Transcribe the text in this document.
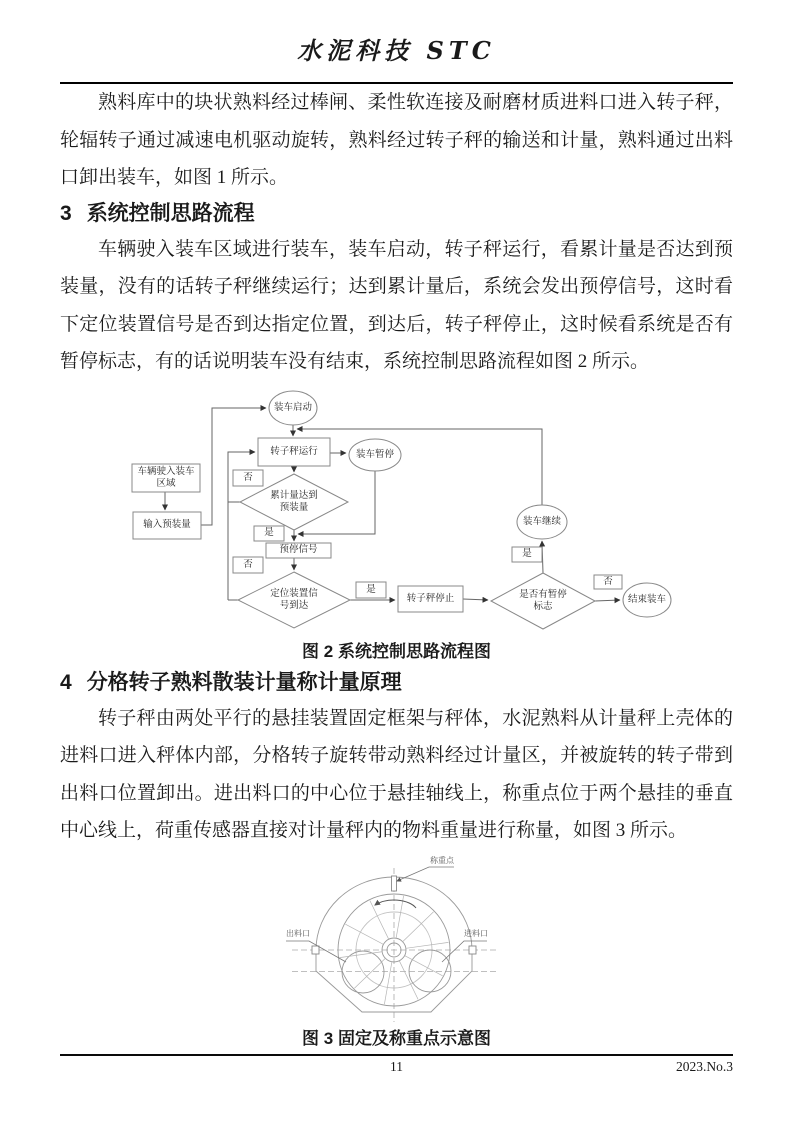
水泥科技 STC

熟料库中的块状熟料经过棒闸、柔性软连接及耐磨材质进料口进入转子秤，轮辐转子通过减速电机驱动旋转，熟料经过转子秤的输送和计量，熟料通过出料口卸出装车，如图 1 所示。

3 系统控制思路流程

车辆驶入装车区域进行装车，装车启动，转子秤运行，看累计量是否达到预装量，没有的话转子秤继续运行；达到累计量后，系统会发出预停信号，这时看下定位装置信号是否到达指定位置，到达后，转子秤停止，这时候看系统是否有暂停标志，有的话说明装车没有结束，系统控制思路流程如图 2 所示。

车辆驶入装车区域
输入预装量
装车启动
转子秤运行	装车暂停
累计量达到预装量
否
是
预停信号
否
定位装置信号到达
是
转子秤停止	是否有暂停标志
是
装车继续
否
结束装车
图 2 系统控制思路流程图
4 分格转子熟料散装计量称计量原理

转子秤由两处平行的悬挂装置固定框架与秤体，水泥熟料从计量秤上壳体的进料口进入秤体内部，分格转子旋转带动熟料经过计量区，并被旋转的转子带到出料口位置卸出。进出料口的中心位于悬挂轴线上，称重点位于两个悬挂的垂直中心线上，荷重传感器直接对计量秤内的物料重量进行称量，如图 3 所示。

称重点
出料口	进料口
图 3 固定及称重点示意图
11	2023.No.3
